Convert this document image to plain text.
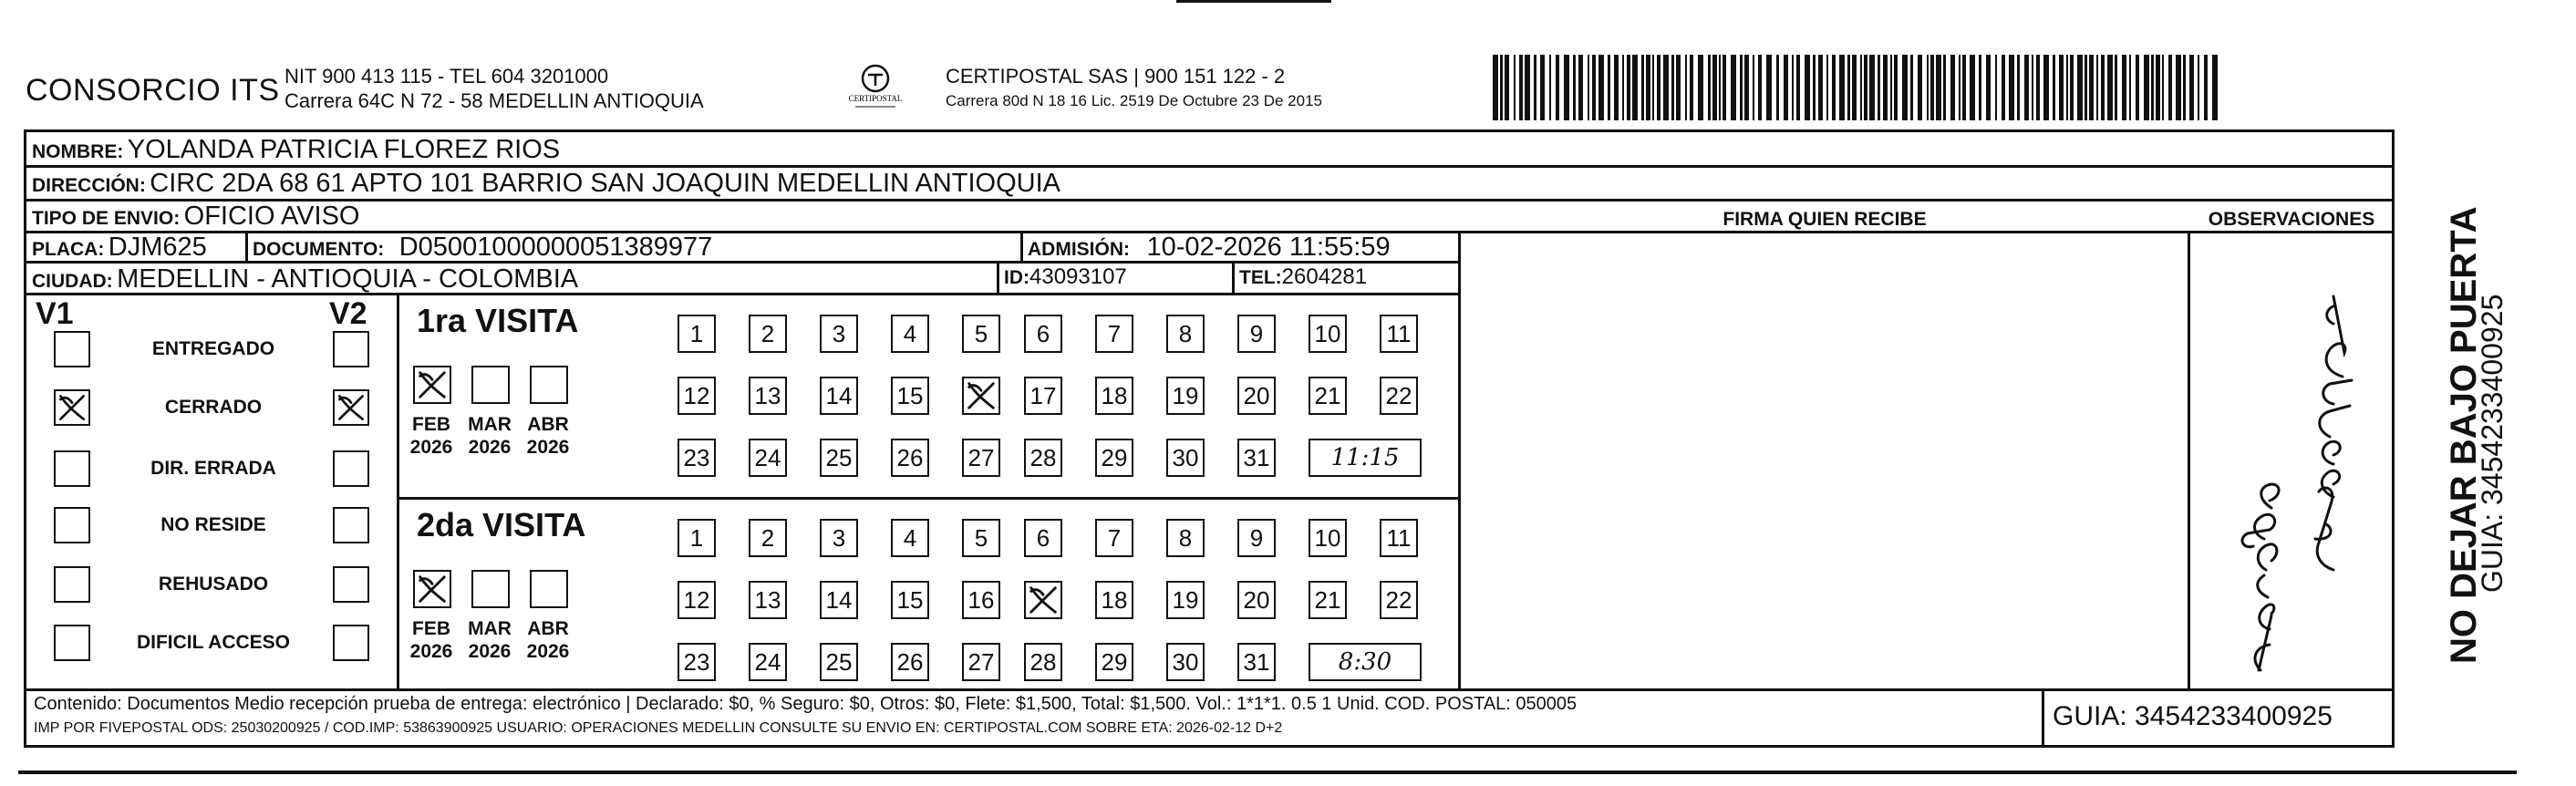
CONSORCIO ITS NIT 900 413 115 - TEL 604 3201000
Carrera 64C N 72 - 58 MEDELLIN ANTIOQUIA	CERTIPOSTAL
CERTIPOSTAL SAS | 900 151 122 - 2
Carrera 80d N 18 16 Lic. 2519 De Octubre 23 De 2015
NOMBRE: YOLANDA PATRICIA FLOREZ RIOS
DIRECCIÓN: CIRC 2DA 68 61 APTO 101 BARRIO SAN JOAQUIN MEDELLIN ANTIOQUIA
TIPO DE ENVIO: OFICIO AVISO	FIRMA QUIEN RECIBE	OBSERVACIONES
PLACA: DJM625 DOCUMENTO: D05001000000051389977	ADMISIÓN: 10-02-2026 11:55:59
CIUDAD: MEDELLIN - ANTIOQUIA - COLOMBIA	ID:43093107	TEL:2604281
V1	V2
ENTREGADO
CERRADO
DIR. ERRADA
NO RESIDE
REHUSADO
DIFICIL ACCESO
1ra VISITA
FEB
2026
MAR
2026
ABR
2026
1	2	3	4	5	6	7	8	9	10 11
12 13 14 15	17 18 19 20 21 22
23 24 25 26 27 28 29 30 31	11:15
2da VISITA
FEB
2026
MAR
2026
ABR
2026
1	2	3	4	5	6	7	8	9	10 11
12 13 14 15 16	18 19 20 21 22
23 24 25 26 27 28 29 30 31	8:30
Contenido: Documentos Medio recepción prueba de entrega: electrónico | Declarado: $0, % Seguro: $0, Otros: $0, Flete: $1,500, Total: $1,500. Vol.: 1*1*1. 0.5 1 Unid. COD. POSTAL: 050005
IMP POR FIVEPOSTAL ODS: 25030200925 / COD.IMP: 53863900925 USUARIO: OPERACIONES MEDELLIN CONSULTE SU ENVIO EN: CERTIPOSTAL.COM SOBRE ETA: 2026-02-12 D+2	GUIA: 3454233400925
NO DEJAR BAJO PUERTA
GUIA: 3454233400925
